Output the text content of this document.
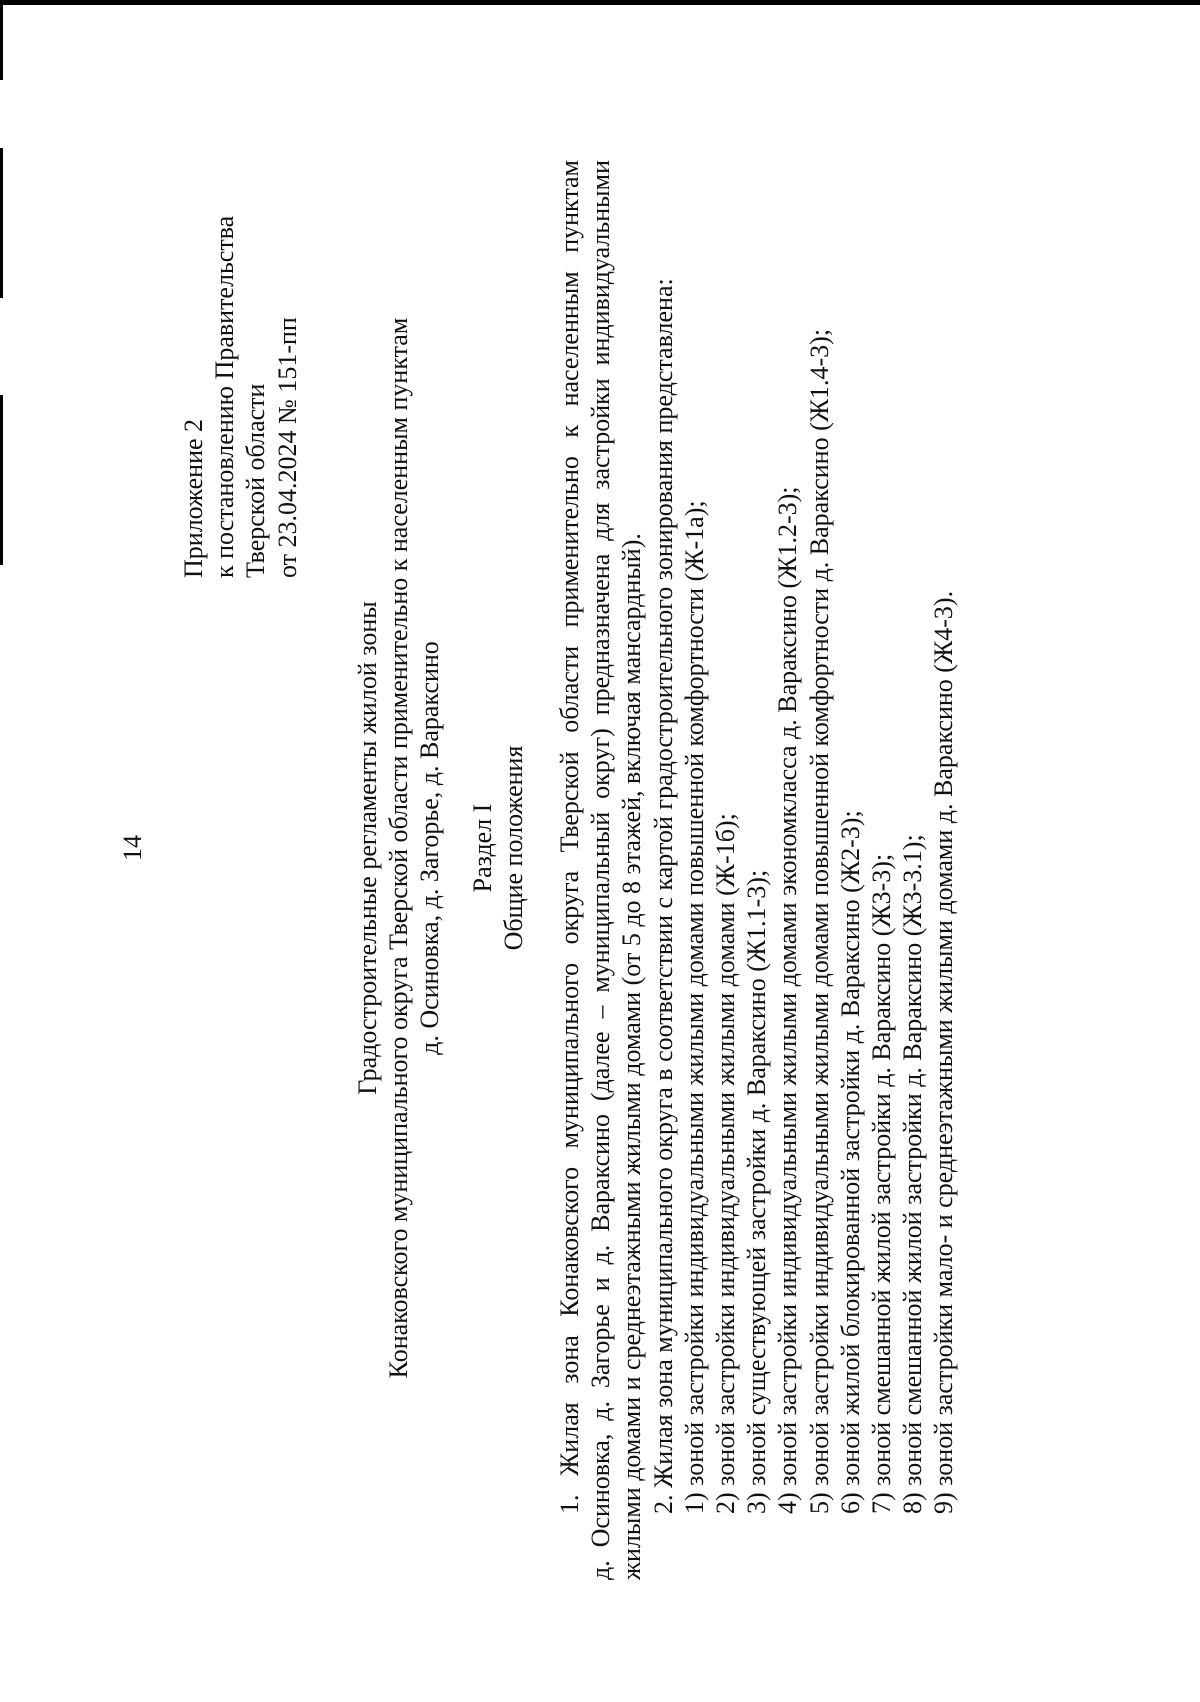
14
Приложение 2 к постановлению Правительства Тверской области от 23.04.2024 № 151-пп
Градостроительные регламенты жилой зоны Конаковского муниципального округа Тверской области применительно к населенным пунктам д. Осиновка, д. Загорье, д. Вараксино Раздел I Общие положения 1. Жилая зона Конаковского муниципального округа Тверской области применительно к населенным пунктам д. Осиновка, д. Загорье и д. Вараксино (далее – муниципальный округ) предназначена для застройки индивидуальными жилыми домами и среднеэтажными жилыми домами (от 5 до 8 этажей, включая мансардный). 2. Жилая зона муниципального округа в соответствии с картой градостроительного зонирования представлена: 1) зоной застройки индивидуальными жилыми домами повышенной комфортности (Ж-1а); 2) зоной застройки индивидуальными жилыми домами (Ж-1б); 3) зоной существующей застройки д. Вараксино (Ж1.1-3); 4) зоной застройки индивидуальными жилыми домами экономкласса д. Вараксино (Ж1.2-3); 5) зоной застройки индивидуальными жилыми домами повышенной комфортности д. Вараксино (Ж1.4-3); 6) зоной жилой блокированной застройки д. Вараксино (Ж2-3); 7) зоной смешанной жилой застройки д. Вараксино (Ж3-3); 8) зоной смешанной жилой застройки д. Вараксино (Ж3-3.1); 9) зоной застройки мало- и среднеэтажными жилыми домами д. Вараксино (Ж4-3).
